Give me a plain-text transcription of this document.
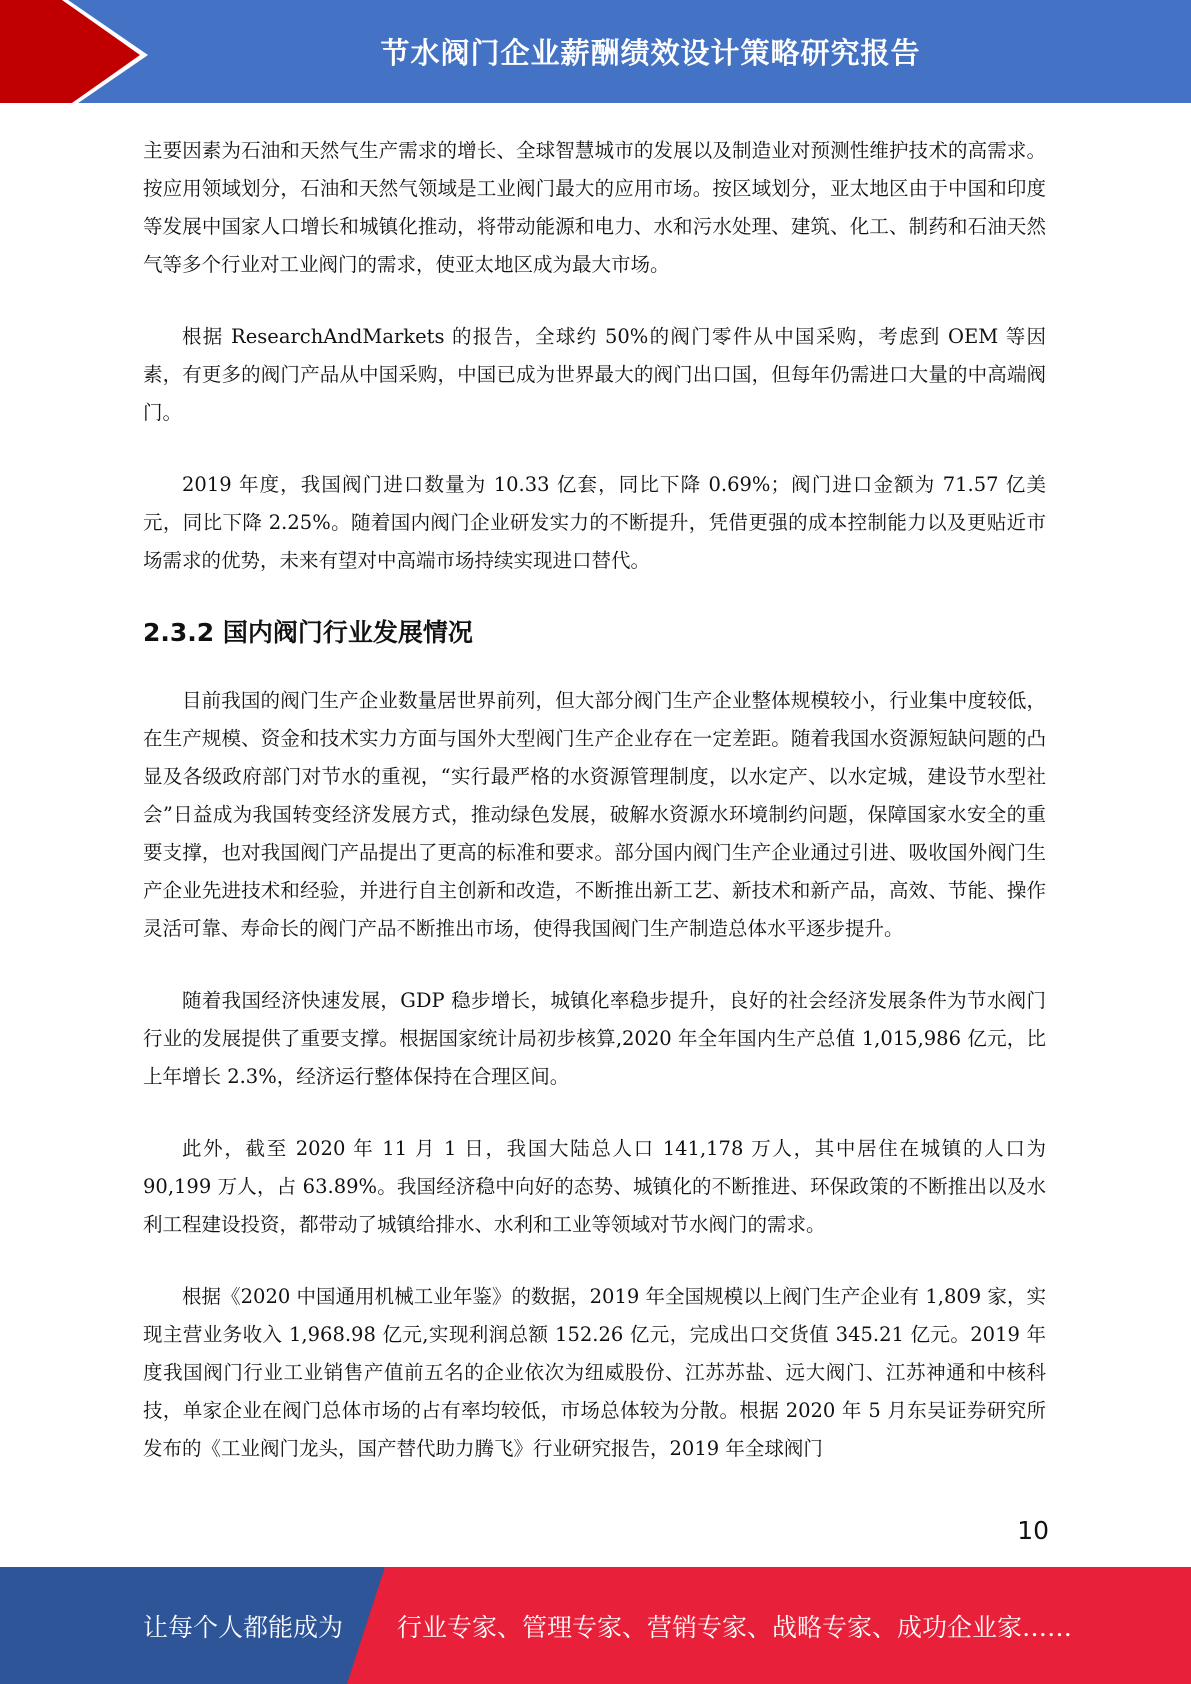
节水阀门企业薪酬绩效设计策略研究报告

主要因素为石油和天然气生产需求的增长、全球智慧城市的发展以及制造业对预测性维护技术的高需求。按应用领域划分，石油和天然气领域是工业阀门最大的应用市场。按区域划分，亚太地区由于中国和印度等发展中国家人口增长和城镇化推动，将带动能源和电力、水和污水处理、建筑、化工、制药和石油天然气等多个行业对工业阀门的需求，使亚太地区成为最大市场。

根据 ResearchAndMarkets 的报告，全球约 50%的阀门零件从中国采购，考虑到 OEM 等因素，有更多的阀门产品从中国采购，中国已成为世界最大的阀门出口国，但每年仍需进口大量的中高端阀门。

2019 年度，我国阀门进口数量为 10.33 亿套，同比下降 0.69%；阀门进口金额为 71.57 亿美元，同比下降 2.25%。随着国内阀门企业研发实力的不断提升，凭借更强的成本控制能力以及更贴近市场需求的优势，未来有望对中高端市场持续实现进口替代。

2.3.2 国内阀门行业发展情况

目前我国的阀门生产企业数量居世界前列，但大部分阀门生产企业整体规模较小，行业集中度较低，在生产规模、资金和技术实力方面与国外大型阀门生产企业存在一定差距。随着我国水资源短缺问题的凸显及各级政府部门对节水的重视，“实行最严格的水资源管理制度，以水定产、以水定城，建设节水型社会”日益成为我国转变经济发展方式，推动绿色发展，破解水资源水环境制约问题，保障国家水安全的重要支撑，也对我国阀门产品提出了更高的标准和要求。部分国内阀门生产企业通过引进、吸收国外阀门生产企业先进技术和经验，并进行自主创新和改造，不断推出新工艺、新技术和新产品，高效、节能、操作灵活可靠、寿命长的阀门产品不断推出市场，使得我国阀门生产制造总体水平逐步提升。

随着我国经济快速发展，GDP 稳步增长，城镇化率稳步提升，良好的社会经济发展条件为节水阀门行业的发展提供了重要支撑。根据国家统计局初步核算,2020 年全年国内生产总值 1,015,986 亿元，比上年增长 2.3%，经济运行整体保持在合理区间。

此外，截至 2020 年 11 月 1 日，我国大陆总人口 141,178 万人，其中居住在城镇的人口为 90,199 万人，占 63.89%。我国经济稳中向好的态势、城镇化的不断推进、环保政策的不断推出以及水利工程建设投资，都带动了城镇给排水、水利和工业等领域对节水阀门的需求。

根据《2020 中国通用机械工业年鉴》的数据，2019 年全国规模以上阀门生产企业有 1,809 家，实现主营业务收入 1,968.98 亿元,实现利润总额 152.26 亿元，完成出口交货值 345.21 亿元。2019 年度我国阀门行业工业销售产值前五名的企业依次为纽威股份、江苏苏盐、远大阀门、江苏神通和中核科技，单家企业在阀门总体市场的占有率均较低，市场总体较为分散。根据 2020 年 5 月东吴证券研究所发布的《工业阀门龙头，国产替代助力腾飞》行业研究报告，2019 年全球阀门

10
让每个人都能成为 行业专家、管理专家、营销专家、战略专家、成功企业家……
